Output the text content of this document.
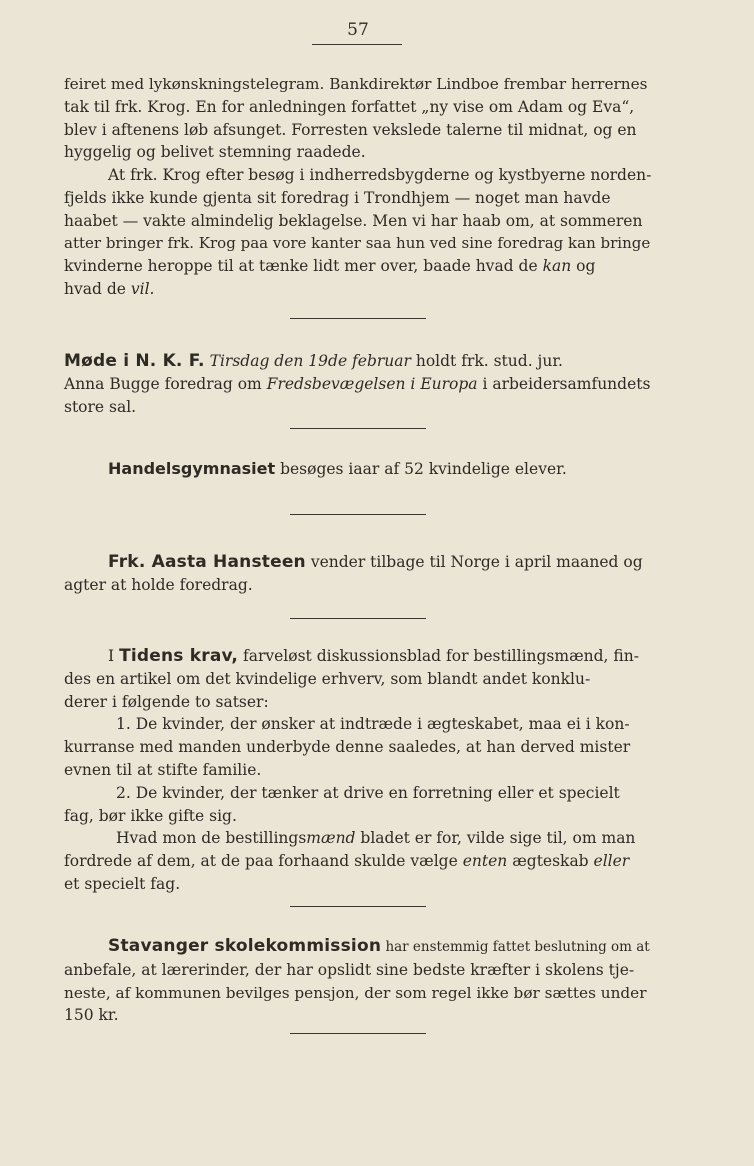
57
feiret med lykønskningstelegram. Bankdirektør Lindboe frembar herrernes
tak til frk. Krog. En for anledningen forfattet „ny vise om Adam og Eva“,
blev i aftenens løb afsunget. Forresten vekslede talerne til midnat, og en
hyggelig og belivet stemning raadede.
At frk. Krog efter besøg i indherredsbygderne og kystbyerne norden-
fjelds ikke kunde gjenta sit foredrag i Trondhjem — noget man havde
haabet — vakte almindelig beklagelse. Men vi har haab om, at sommeren
atter bringer frk. Krog paa vore kanter saa hun ved sine foredrag kan bringe
kvinderne heroppe til at tænke lidt mer over, baade hvad de kan og
hvad de vil.
Møde i N. K. F. Tirsdag den 19de februar holdt frk. stud. jur.
Anna Bugge foredrag om Fredsbevægelsen i Europa i arbeidersamfundets
store sal.
Handelsgymnasiet besøges iaar af 52 kvindelige elever.
Frk. Aasta Hansteen vender tilbage til Norge i april maaned og
agter at holde foredrag.
I Tidens krav, farveløst diskussionsblad for bestillingsmænd, fin-
des en artikel om det kvindelige erhverv, som blandt andet konklu-
derer i følgende to satser:
1. De kvinder, der ønsker at indtræde i ægteskabet, maa ei i kon-
kurranse med manden underbyde denne saaledes, at han derved mister
evnen til at stifte familie.
2. De kvinder, der tænker at drive en forretning eller et specielt
fag, bør ikke gifte sig.
Hvad mon de bestillingsmænd bladet er for, vilde sige til, om man
fordrede af dem, at de paa forhaand skulde vælge enten ægteskab eller
et specielt fag.
Stavanger skolekommission har enstemmig fattet beslutning om at
anbefale, at lærerinder, der har opslidt sine bedste kræfter i skolens tje-
neste, af kommunen bevilges pensjon, der som regel ikke bør sættes under
150 kr.
